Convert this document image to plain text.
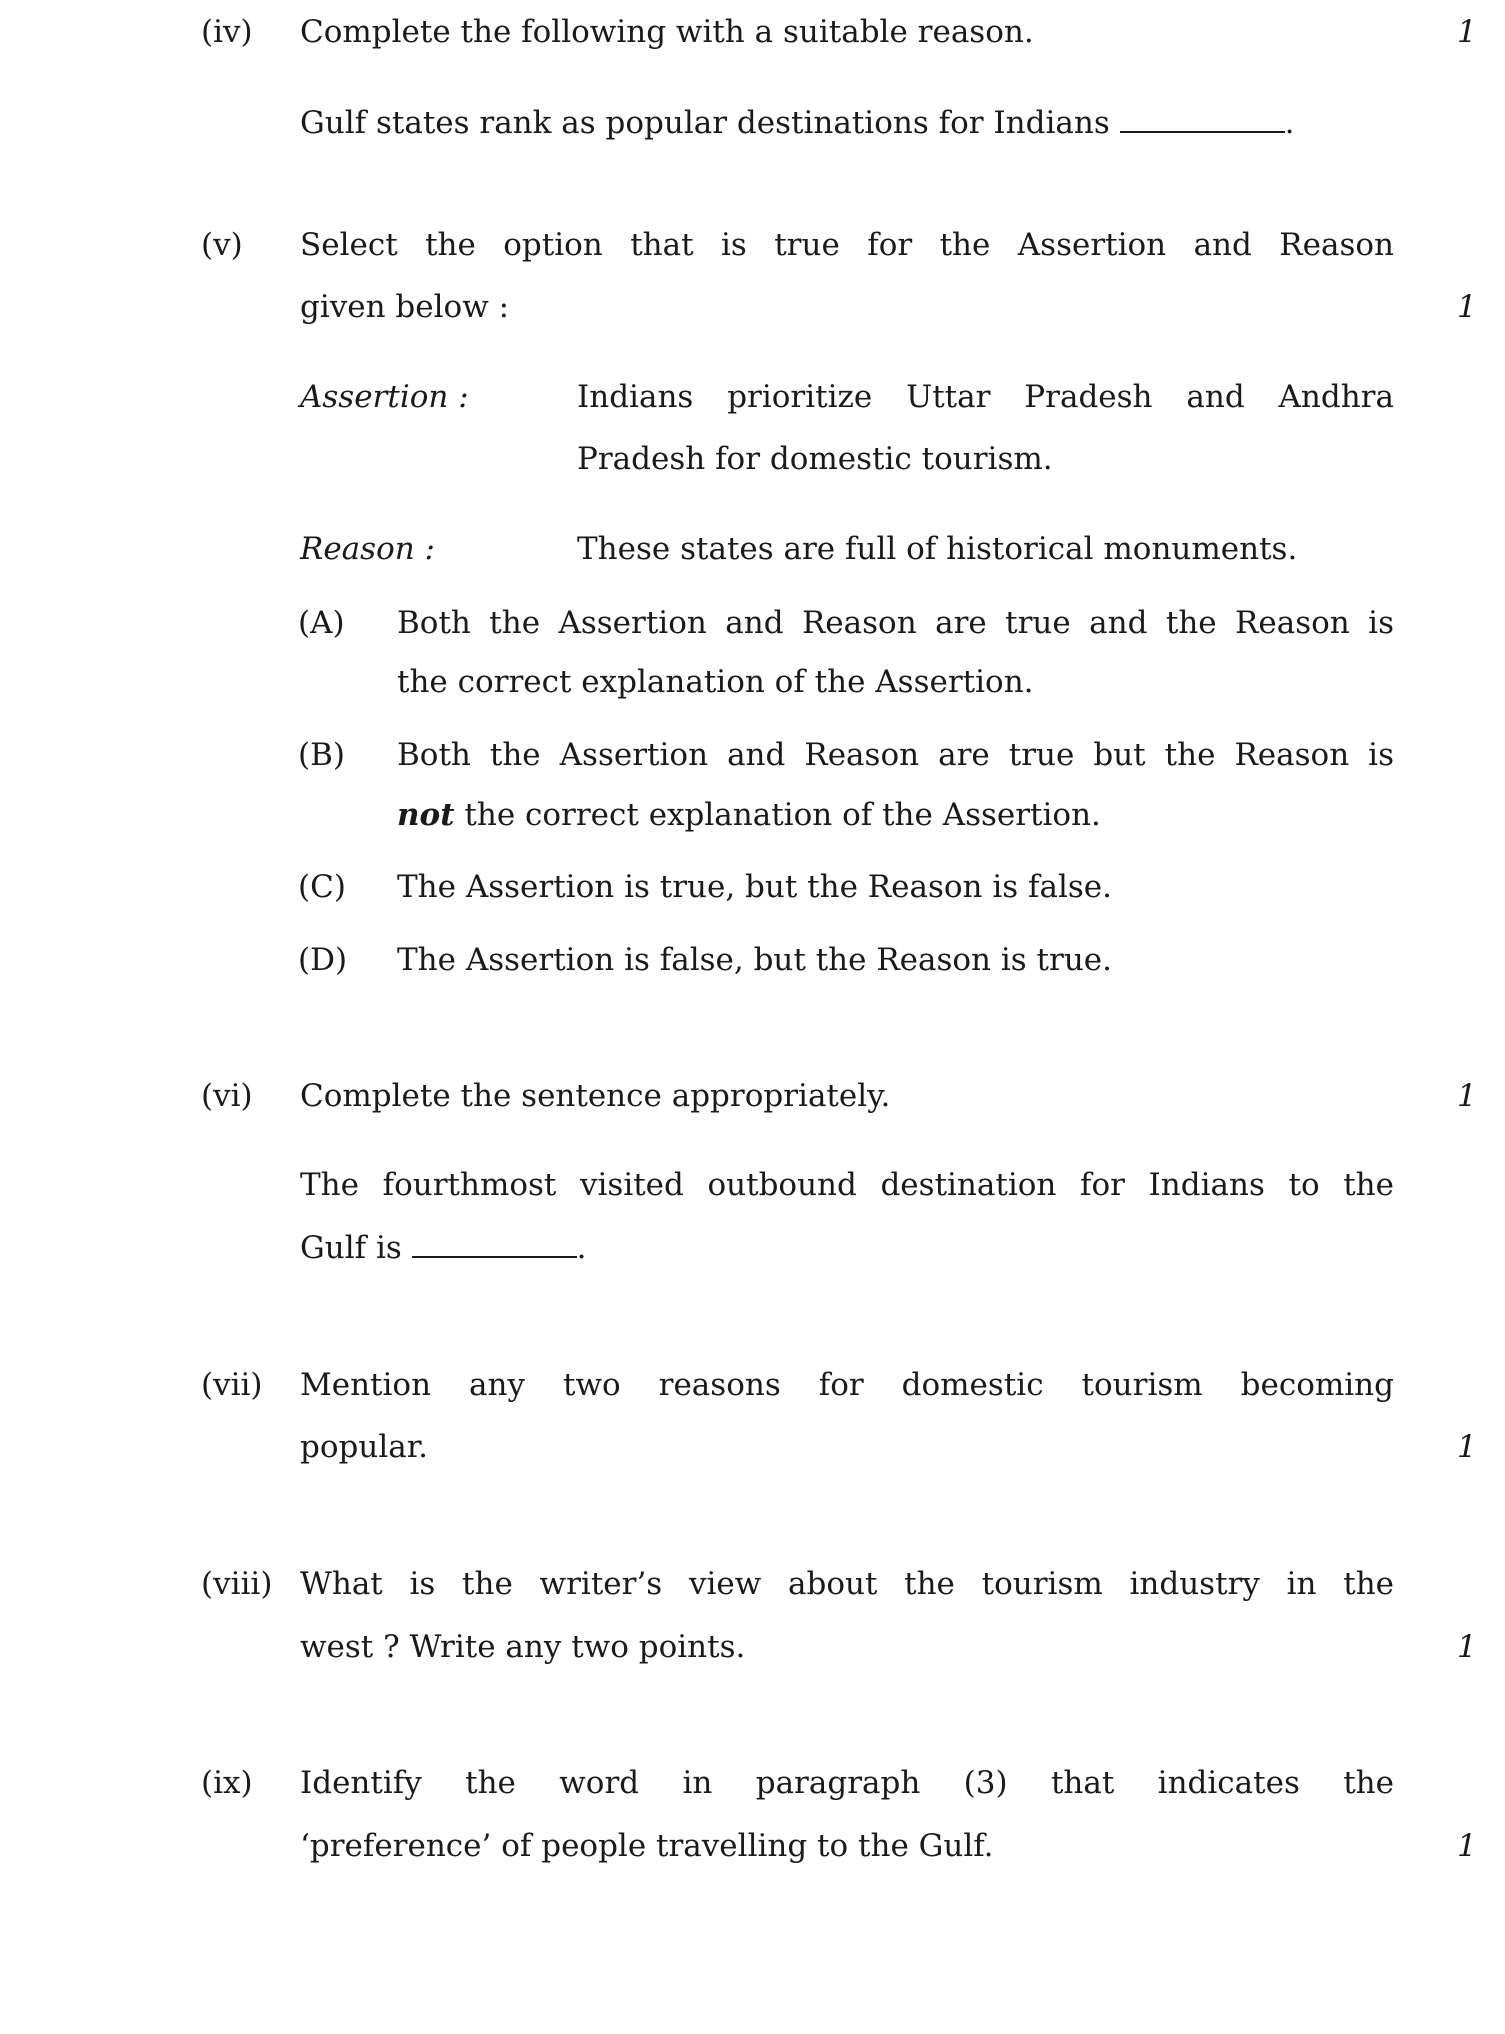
(iv) Complete the following with a suitable reason.	1
Gulf states rank as popular destinations for Indians	.
(v) Select the option that is true for the Assertion and Reason
given below :	1
Assertion :	Indians prioritize Uttar Pradesh and Andhra
Pradesh for domestic tourism.
Reason :	These states are full of historical monuments.
(A) Both the Assertion and Reason are true and the Reason is
the correct explanation of the Assertion.
(B) Both the Assertion and Reason are true but the Reason is
not the correct explanation of the Assertion.
(C) The Assertion is true, but the Reason is false.
(D) The Assertion is false, but the Reason is true.
(vi) Complete the sentence appropriately.	1
The fourthmost visited outbound destination for Indians to the
Gulf is	.
(vii) Mention any two reasons for domestic tourism becoming
popular.	1
(viii) What is the writer’s view about the tourism industry in the
west ? Write any two points.	1
(ix) Identify the word in paragraph (3) that indicates the
‘preference’ of people travelling to the Gulf.	1
